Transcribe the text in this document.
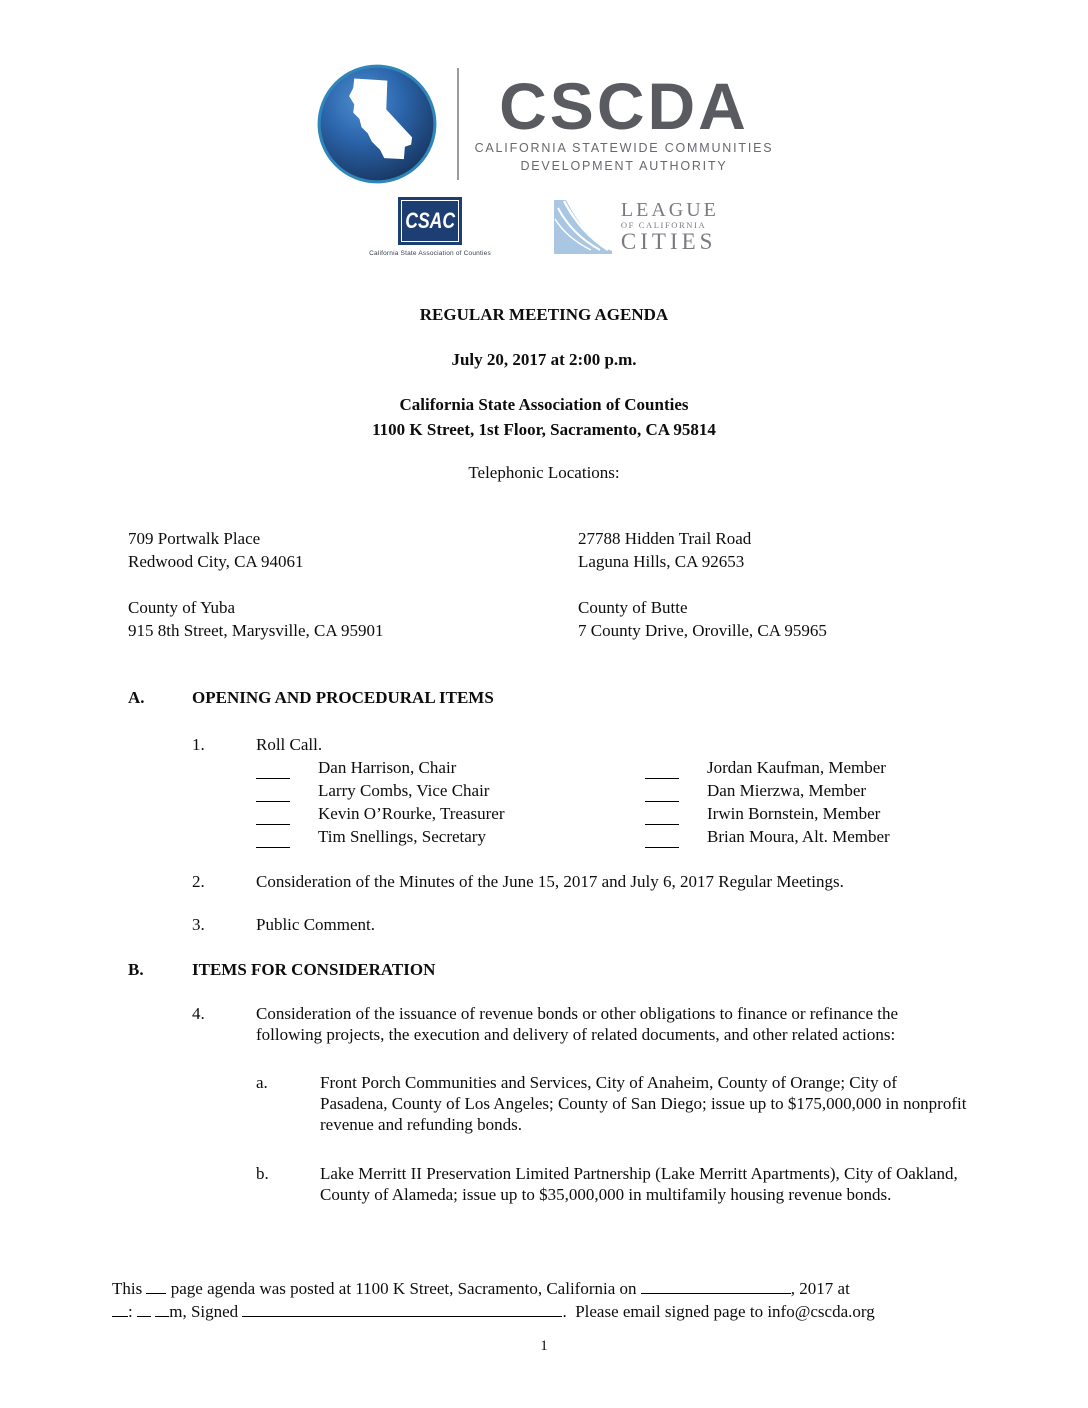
CSCDA
CALIFORNIA STATEWIDE COMMUNITIES
DEVELOPMENT AUTHORITY
CSAC
California State Association of Counties
LEAGUE
OF CALIFORNIA
CITIES

REGULAR MEETING AGENDA

July 20, 2017 at 2:00 p.m.

California State Association of Counties

1100 K Street, 1st Floor, Sacramento, CA 95814

Telephonic Locations:

709 Portwalk Place
Redwood City, CA 94061
27788 Hidden Trail Road
Laguna Hills, CA 92653
County of Yuba
915 8th Street, Marysville, CA 95901
County of Butte
7 County Drive, Oroville, CA 95965
A.	OPENING AND PROCEDURAL ITEMS
1.	Roll Call.
Dan Harrison, Chair	Jordan Kaufman, Member
Larry Combs, Vice Chair	Dan Mierzwa, Member
Kevin O’Rourke, Treasurer	Irwin Bornstein, Member
Tim Snellings, Secretary	Brian Moura, Alt. Member
2.	Consideration of the Minutes of the June 15, 2017 and July 6, 2017 Regular Meetings.
3.	Public Comment.
B.	ITEMS FOR CONSIDERATION
4.	Consideration of the issuance of revenue bonds or other obligations to finance or refinance the following projects, the execution and delivery of related documents, and other related actions:
a.	Front Porch Communities and Services, City of Anaheim, County of Orange; City of Pasadena, County of Los Angeles; County of San Diego; issue up to $175,000,000 in nonprofit revenue and refunding bonds.
b.	Lake Merritt II Preservation Limited Partnership (Lake Merritt Apartments), City of Oakland, County of Alameda; issue up to $35,000,000 in multifamily housing revenue bonds.
This page agenda was posted at 1100 K Street, Sacramento, California on	, 2017 at
: m, Signed	.  Please email signed page to info@cscda.org
1
